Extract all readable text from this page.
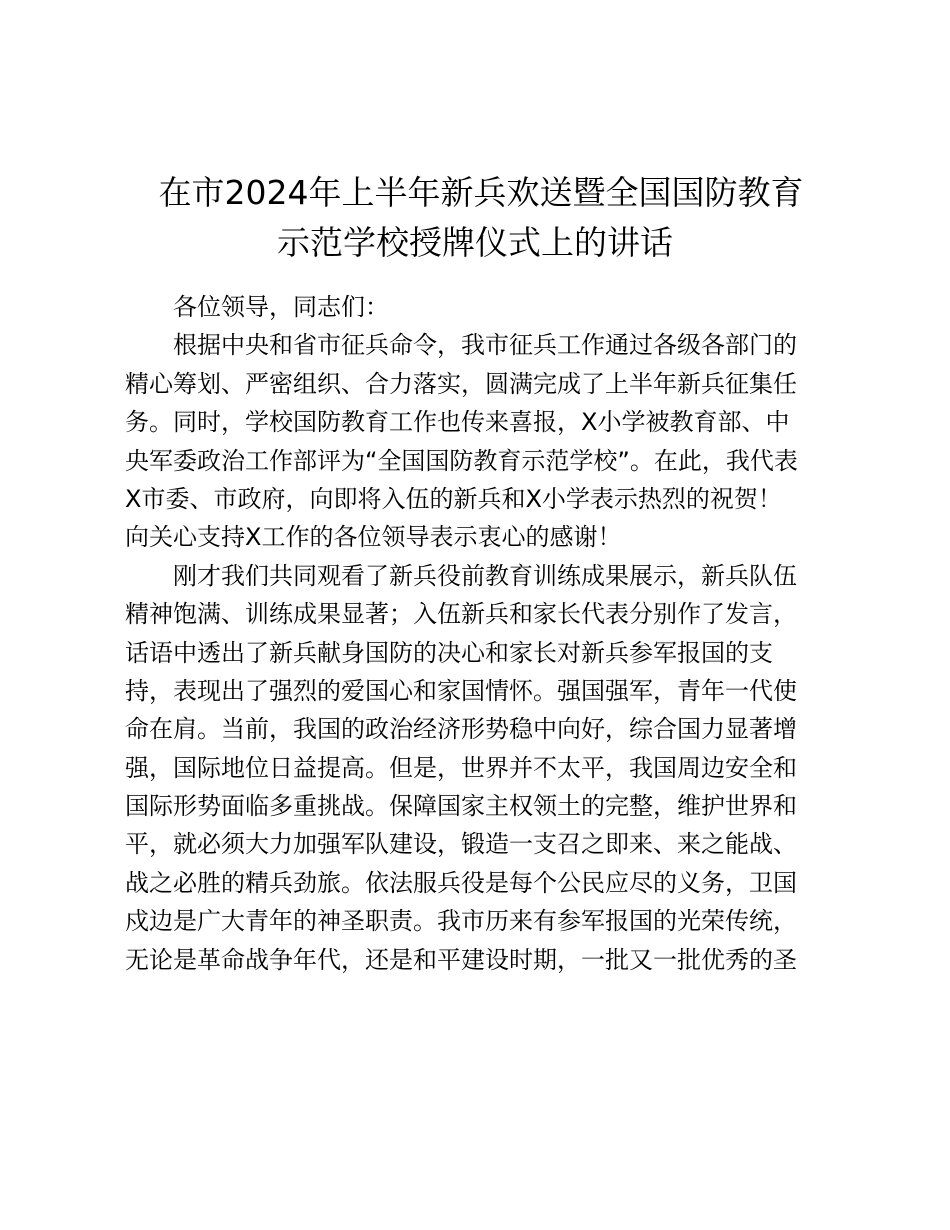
在市2024年上半年新兵欢送暨全国国防教育
示范学校授牌仪式上的讲话
各位领导，同志们：
根据中央和省市征兵命令，我市征兵工作通过各级各部门的
精心筹划、严密组织、合力落实，圆满完成了上半年新兵征集任
务。同时，学校国防教育工作也传来喜报，X小学被教育部、中
央军委政治工作部评为“全国国防教育示范学校”。在此，我代表
X市委、市政府，向即将入伍的新兵和X小学表示热烈的祝贺！
向关心支持X工作的各位领导表示衷心的感谢！
刚才我们共同观看了新兵役前教育训练成果展示，新兵队伍
精神饱满、训练成果显著；入伍新兵和家长代表分别作了发言，
话语中透出了新兵献身国防的决心和家长对新兵参军报国的支
持，表现出了强烈的爱国心和家国情怀。强国强军，青年一代使
命在肩。当前，我国的政治经济形势稳中向好，综合国力显著增
强，国际地位日益提高。但是，世界并不太平，我国周边安全和
国际形势面临多重挑战。保障国家主权领土的完整，维护世界和
平，就必须大力加强军队建设，锻造一支召之即来、来之能战、
战之必胜的精兵劲旅。依法服兵役是每个公民应尽的义务，卫国
戍边是广大青年的神圣职责。我市历来有参军报国的光荣传统，
无论是革命战争年代，还是和平建设时期，一批又一批优秀的圣
